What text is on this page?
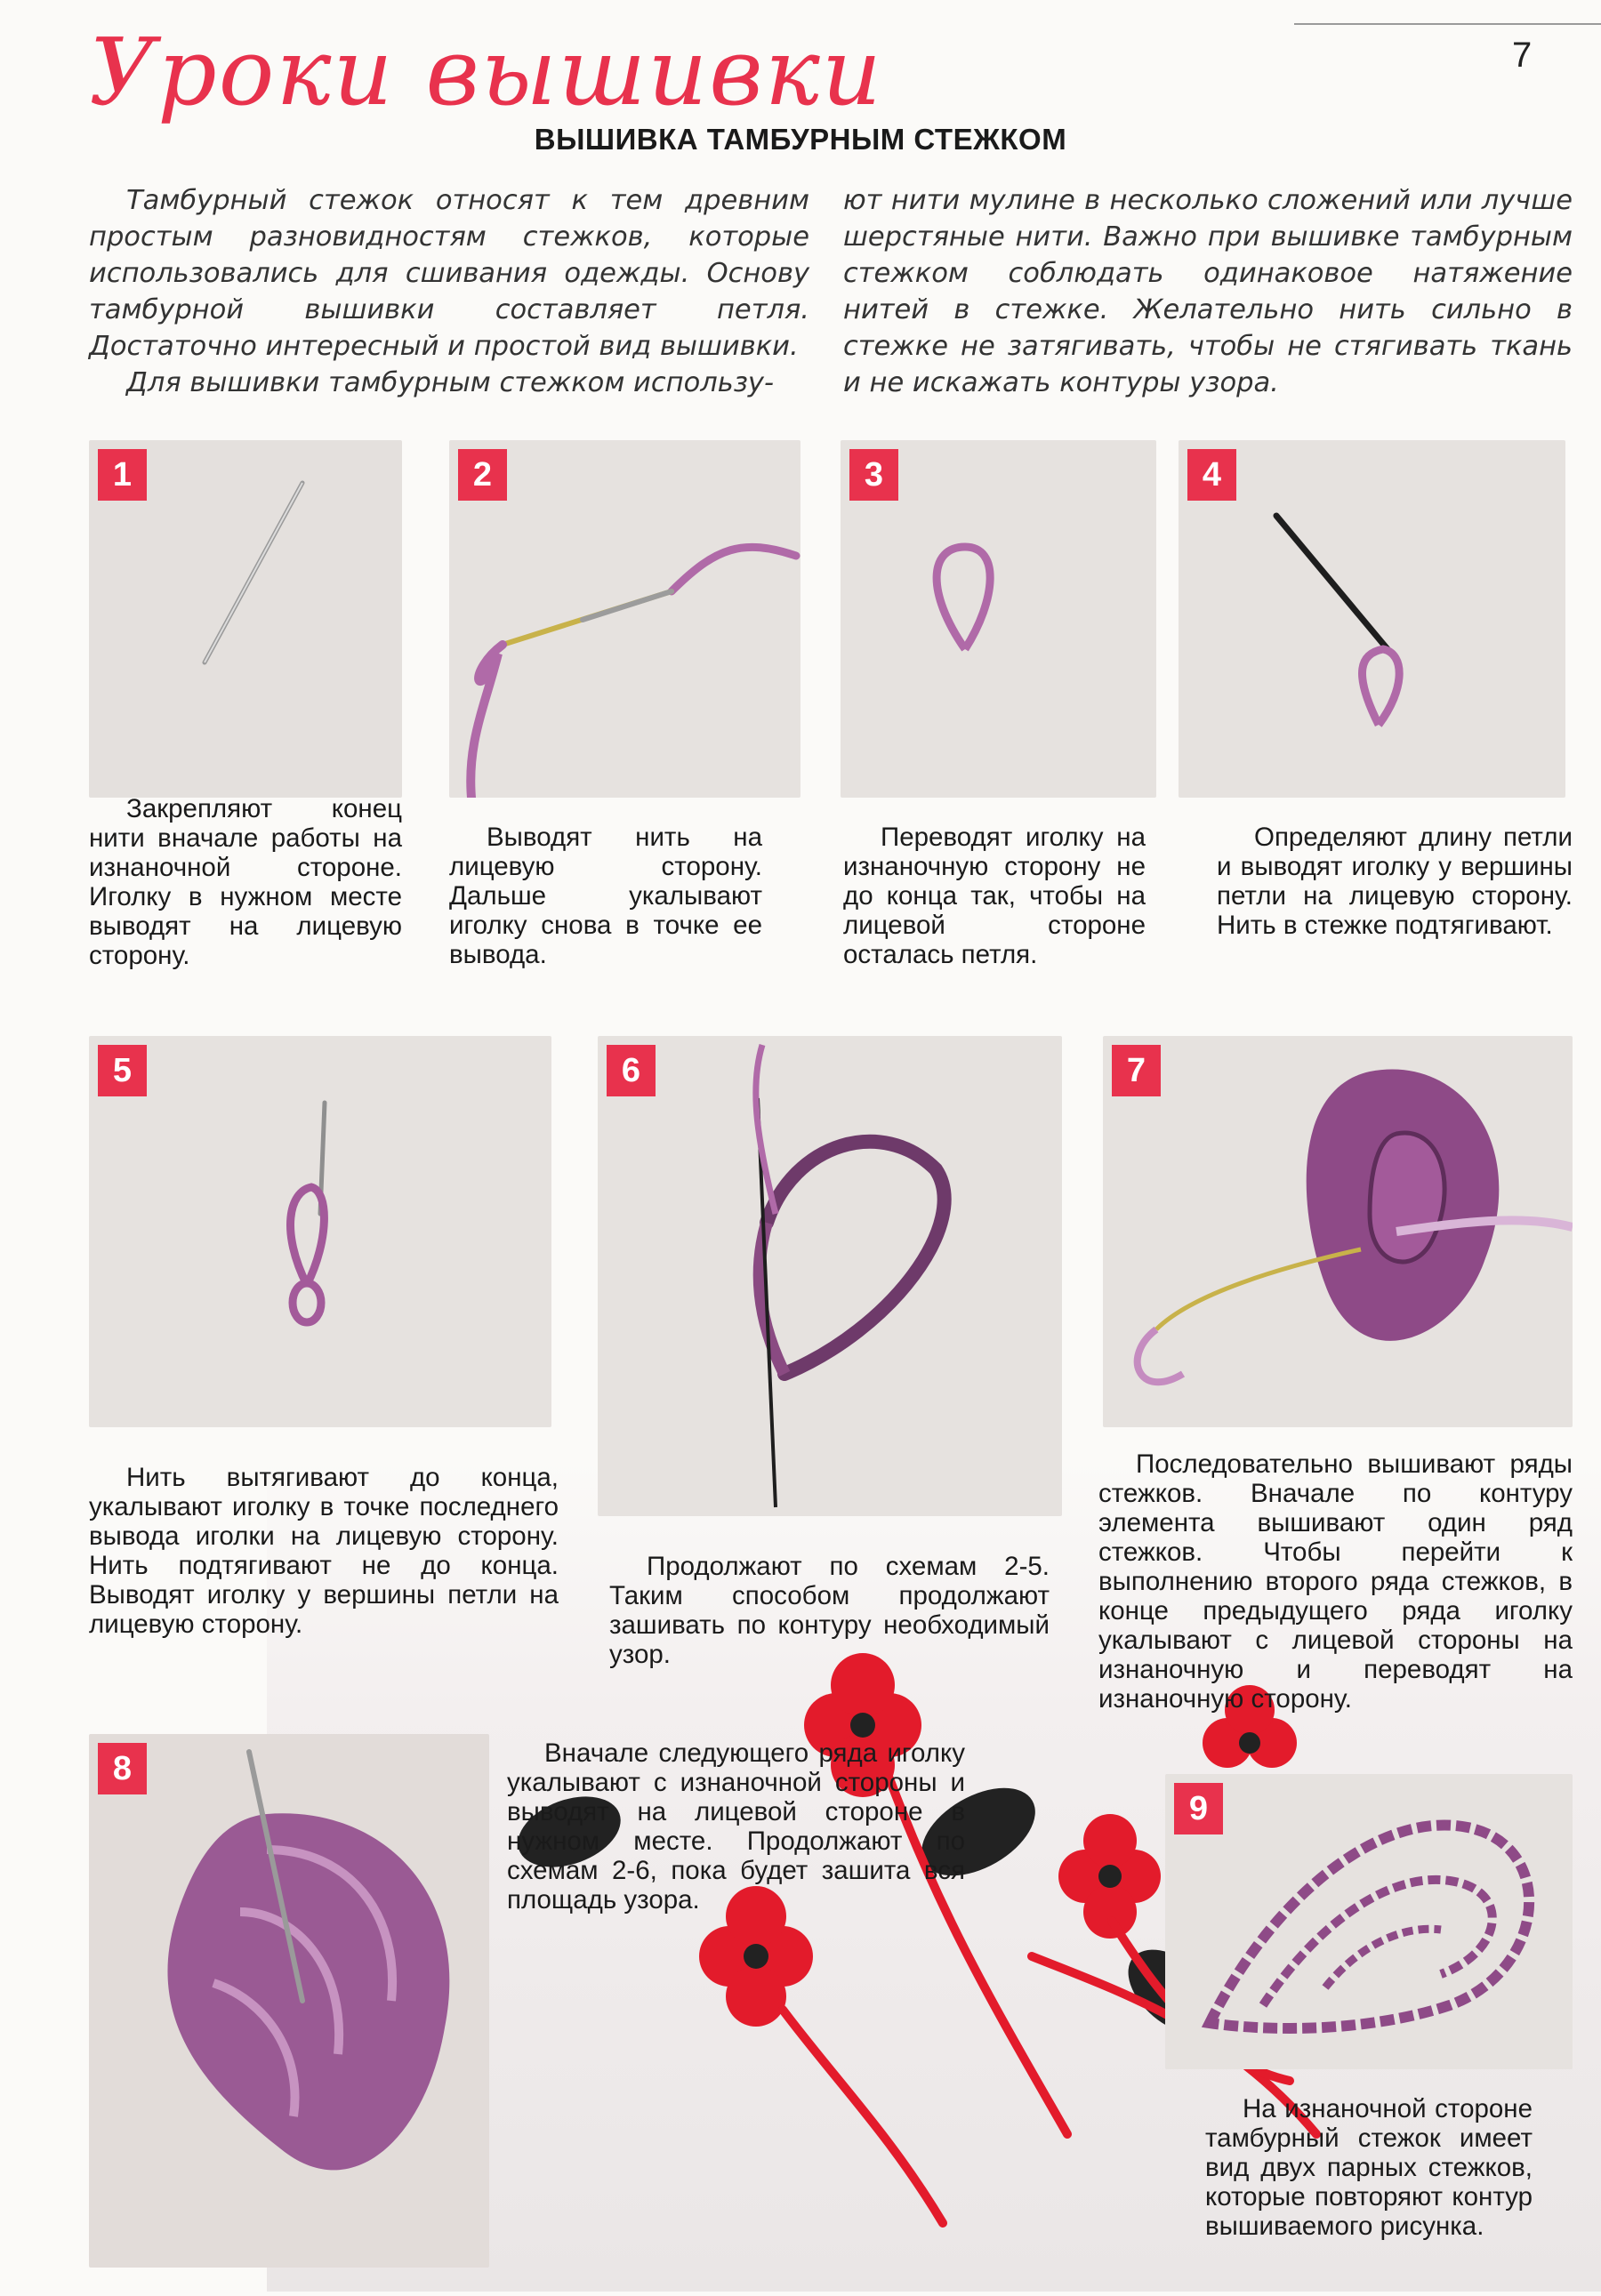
Уроки вышивки	7
ВЫШИВКА ТАМБУРНЫМ СТЕЖКОМ

Тамбурный стежок относят к тем древним простым разновидностям стежков, которые использовались для сшивания одежды. Основу тамбурной вышивки составляет петля. Достаточно интересный и простой вид вышивки.

Для вышивки тамбурным стежком использу-

ют нити мулине в несколько сложений или лучше шерстяные нити. Важно при вышивке тамбурным стежком соблюдать одинаковое натяжение нитей в стежке. Желательно нить сильно в стежке не затягивать, чтобы не стягивать ткань и не искажать контуры узора.

1	2	3	4
5	6	7
8
9

Закрепляют конец нити вначале работы на изнаночной стороне. Иголку в нужном месте выводят на лицевую сторону.

Выводят нить на лицевую сторону. Дальше укалывают иголку снова в точке ее вывода.

Переводят иголку на изнаночную сторону не до конца так, чтобы на лицевой стороне осталась петля.

Определяют длину петли и выводят иголку у вершины петли на лицевую сторону. Нить в стежке подтягивают.

Нить вытягивают до конца, укалывают иголку в точке последнего вывода иголки на лицевую сторону. Нить подтягивают не до конца. Выводят иголку у вершины петли на лицевую сторону.

Продолжают по схемам 2-5. Таким способом продолжают зашивать по контуру необходимый узор.

Последовательно вышивают ряды стежков. Вначале по контуру элемента вышивают один ряд стежков. Чтобы перейти к выполнению второго ряда стежков, в конце предыдущего ряда иголку укалывают с лицевой стороны на изнаночную и переводят на изнаночную сторону.

Вначале следующего ряда иголку укалывают с изнаночной стороны и выводят на лицевой стороне в нужном месте. Продолжают по схемам 2-6, пока будет зашита вся площадь узора.

На изнаночной стороне тамбурный стежок имеет вид двух парных стежков, которые повторяют контур вышиваемого рисунка.
